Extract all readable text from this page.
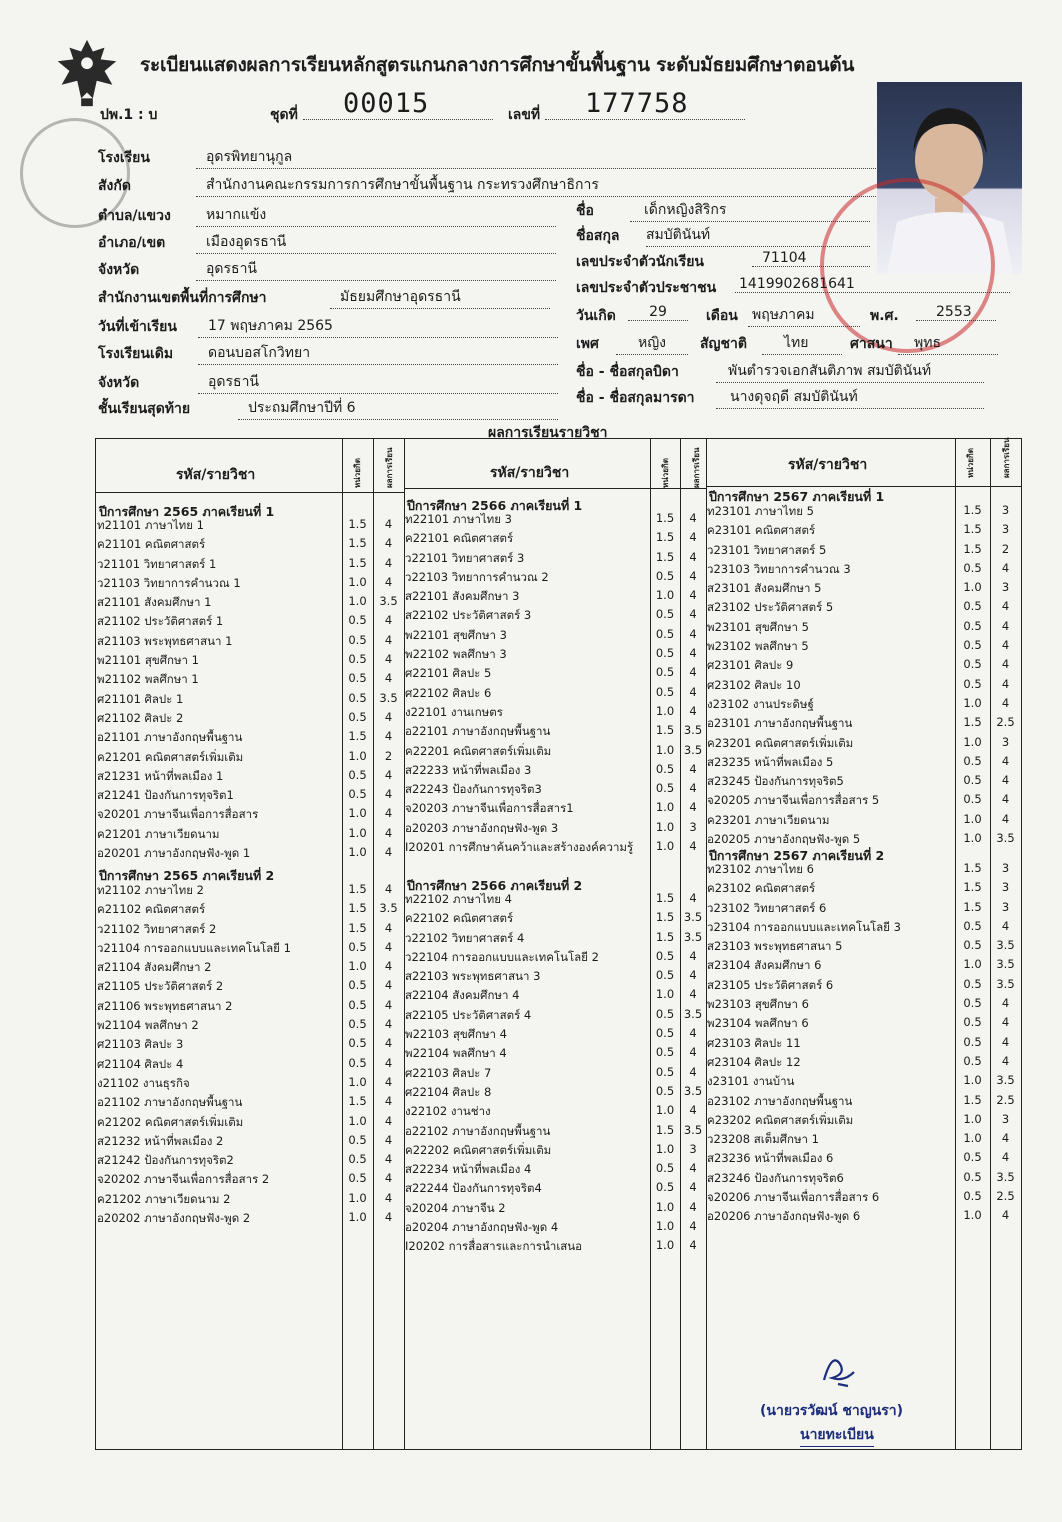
ระเบียนแสดงผลการเรียนหลักสูตรแกนกลางการศึกษาขั้นพื้นฐาน ระดับมัธยมศึกษาตอนต้น
ปพ.1 : บ	ชุดที่	00015	เลขที่	177758
โรงเรียน	อุดรพิทยานุกูล
สังกัด	สำนักงานคณะกรรมการการศึกษาขั้นพื้นฐาน กระทรวงศึกษาธิการ
ตำบล/แขวง	หมากแข้ง
อำเภอ/เขต	เมืองอุดรธานี
จังหวัด	อุดรธานี
สำนักงานเขตพื้นที่การศึกษา	มัธยมศึกษาอุดรธานี
วันที่เข้าเรียน	17 พฤษภาคม 2565
โรงเรียนเดิม	ดอนบอสโกวิทยา
จังหวัด	อุดรธานี
ชั้นเรียนสุดท้าย	ประถมศึกษาปีที่ 6
ชื่อ	เด็กหญิงสิริกร
ชื่อสกุล สมบัตินันท์
เลขประจำตัวนักเรียน	71104
เลขประจำตัวประชาชน 1419902681641
วันเกิด	29	เดือน พฤษภาคม	พ.ศ.	2553
เพศ	หญิง	สัญชาติ	ไทย	ศาสนา	พุทธ
ชื่อ - ชื่อสกุลบิดา	พันตำรวจเอกสันติภาพ สมบัตินันท์
ชื่อ - ชื่อสกุลมารดา	นางดุจฤดี สมบัตินันท์
ผลการเรียนรายวิชา
รหัส/รายวิชา	หน่วยกิต	ผลการเรียน	รหัส/รายวิชา	หน่วยกิต	ผลการเรียน	รหัส/รายวิชา	หน่วยกิต	ผลการเรียน
ปีการศึกษา 2565 ภาคเรียนที่ 1
ท21101 ภาษาไทย 1	1.5	4
ค21101 คณิตศาสตร์	1.5	4
ว21101 วิทยาศาสตร์ 1	1.5	4
ว21103 วิทยาการคำนวณ 1	1.0	4
ส21101 สังคมศึกษา 1	1.0	3.5
ส21102 ประวัติศาสตร์ 1	0.5	4
ส21103 พระพุทธศาสนา 1	0.5	4
พ21101 สุขศึกษา 1	0.5	4
พ21102 พลศึกษา 1	0.5	4
ศ21101 ศิลปะ 1	0.5	3.5
ศ21102 ศิลปะ 2	0.5	4
อ21101 ภาษาอังกฤษพื้นฐาน	1.5	4
ค21201 คณิตศาสตร์เพิ่มเติม	1.0	2
ส21231 หน้าที่พลเมือง 1	0.5	4
ส21241 ป้องกันการทุจริต1	0.5	4
จ20201 ภาษาจีนเพื่อการสื่อสาร	1.0	4
ค21201 ภาษาเวียดนาม	1.0	4
อ20201 ภาษาอังกฤษฟัง-พูด 1	1.0	4
ปีการศึกษา 2565 ภาคเรียนที่ 2
ท21102 ภาษาไทย 2	1.5	4
ค21102 คณิตศาสตร์	1.5	3.5
ว21102 วิทยาศาสตร์ 2	1.5	4
ว21104 การออกแบบและเทคโนโลยี 1	0.5	4
ส21104 สังคมศึกษา 2	1.0	4
ส21105 ประวัติศาสตร์ 2	0.5	4
ส21106 พระพุทธศาสนา 2	0.5	4
พ21104 พลศึกษา 2	0.5	4
ศ21103 ศิลปะ 3	0.5	4
ศ21104 ศิลปะ 4	0.5	4
ง21102 งานธุรกิจ	1.0	4
อ21102 ภาษาอังกฤษพื้นฐาน	1.5	4
ค21202 คณิตศาสตร์เพิ่มเติม	1.0	4
ส21232 หน้าที่พลเมือง 2	0.5	4
ส21242 ป้องกันการทุจริต2	0.5	4
จ20202 ภาษาจีนเพื่อการสื่อสาร 2	0.5	4
ค21202 ภาษาเวียดนาม 2	1.0	4
อ20202 ภาษาอังกฤษฟัง-พูด 2	1.0	4
ปีการศึกษา 2566 ภาคเรียนที่ 1
ท22101 ภาษาไทย 3	1.5	4
ค22101 คณิตศาสตร์	1.5	4
ว22101 วิทยาศาสตร์ 3	1.5	4
ว22103 วิทยาการคำนวณ 2	0.5	4
ส22101 สังคมศึกษา 3	1.0	4
ส22102 ประวัติศาสตร์ 3	0.5	4
พ22101 สุขศึกษา 3	0.5	4
พ22102 พลศึกษา 3	0.5	4
ศ22101 ศิลปะ 5	0.5	4
ศ22102 ศิลปะ 6	0.5	4
ง22101 งานเกษตร	1.0	4
อ22101 ภาษาอังกฤษพื้นฐาน	1.5 3.5
ค22201 คณิตศาสตร์เพิ่มเติม	1.0 3.5
ส22233 หน้าที่พลเมือง 3	0.5	4
ส22243 ป้องกันการทุจริต3	0.5	4
จ20203 ภาษาจีนเพื่อการสื่อสาร1	1.0	4
อ20203 ภาษาอังกฤษฟัง-พูด 3	1.0	3
I20201 การศึกษาค้นคว้าและสร้างองค์ความรู้	1.0	4
ปีการศึกษา 2566 ภาคเรียนที่ 2
ท22102 ภาษาไทย 4	1.5	4
ค22102 คณิตศาสตร์	1.5 3.5
ว22102 วิทยาศาสตร์ 4	1.5 3.5
ว22104 การออกแบบและเทคโนโลยี 2	0.5	4
ส22103 พระพุทธศาสนา 3	0.5	4
ส22104 สังคมศึกษา 4	1.0	4
ส22105 ประวัติศาสตร์ 4	0.5 3.5
พ22103 สุขศึกษา 4	0.5	4
พ22104 พลศึกษา 4	0.5	4
ศ22103 ศิลปะ 7	0.5	4
ศ22104 ศิลปะ 8	0.5 3.5
ง22102 งานช่าง	1.0	4
อ22102 ภาษาอังกฤษพื้นฐาน	1.5 3.5
ค22202 คณิตศาสตร์เพิ่มเติม	1.0	3
ส22234 หน้าที่พลเมือง 4	0.5	4
ส22244 ป้องกันการทุจริต4	0.5	4
จ20204 ภาษาจีน 2	1.0	4
อ20204 ภาษาอังกฤษฟัง-พูด 4	1.0	4
I20202 การสื่อสารและการนำเสนอ	1.0	4
ปีการศึกษา 2567 ภาคเรียนที่ 1
ท23101 ภาษาไทย 5	1.5	3
ค23101 คณิตศาสตร์	1.5	3
ว23101 วิทยาศาสตร์ 5	1.5	2
ว23103 วิทยาการคำนวณ 3	0.5	4
ส23101 สังคมศึกษา 5	1.0	3
ส23102 ประวัติศาสตร์ 5	0.5	4
พ23101 สุขศึกษา 5	0.5	4
พ23102 พลศึกษา 5	0.5	4
ศ23101 ศิลปะ 9	0.5	4
ศ23102 ศิลปะ 10	0.5	4
ง23102 งานประดิษฐ์	1.0	4
อ23101 ภาษาอังกฤษพื้นฐาน	1.5	2.5
ค23201 คณิตศาสตร์เพิ่มเติม	1.0	3
ส23235 หน้าที่พลเมือง 5	0.5	4
ส23245 ป้องกันการทุจริต5	0.5	4
จ20205 ภาษาจีนเพื่อการสื่อสาร 5	0.5	4
ค23201 ภาษาเวียดนาม	1.0	4
อ20205 ภาษาอังกฤษฟัง-พูด 5	1.0	3.5
ปีการศึกษา 2567 ภาคเรียนที่ 2
ท23102 ภาษาไทย 6	1.5	3
ค23102 คณิตศาสตร์	1.5	3
ว23102 วิทยาศาสตร์ 6	1.5	3
ว23104 การออกแบบและเทคโนโลยี 3	0.5	4
ส23103 พระพุทธศาสนา 5	0.5	3.5
ส23104 สังคมศึกษา 6	1.0	3.5
ส23105 ประวัติศาสตร์ 6	0.5	3.5
พ23103 สุขศึกษา 6	0.5	4
พ23104 พลศึกษา 6	0.5	4
ศ23103 ศิลปะ 11	0.5	4
ศ23104 ศิลปะ 12	0.5	4
ง23101 งานบ้าน	1.0	3.5
อ23102 ภาษาอังกฤษพื้นฐาน	1.5	2.5
ค23202 คณิตศาสตร์เพิ่มเติม	1.0	3
ว23208 สเต็มศึกษา 1	1.0	4
ส23236 หน้าที่พลเมือง 6	0.5	4
ส23246 ป้องกันการทุจริต6	0.5	3.5
จ20206 ภาษาจีนเพื่อการสื่อสาร 6	0.5	2.5
อ20206 ภาษาอังกฤษฟัง-พูด 6	1.0	4
(นายวรวัฒน์ ชาญนรา)
นายทะเบียน
